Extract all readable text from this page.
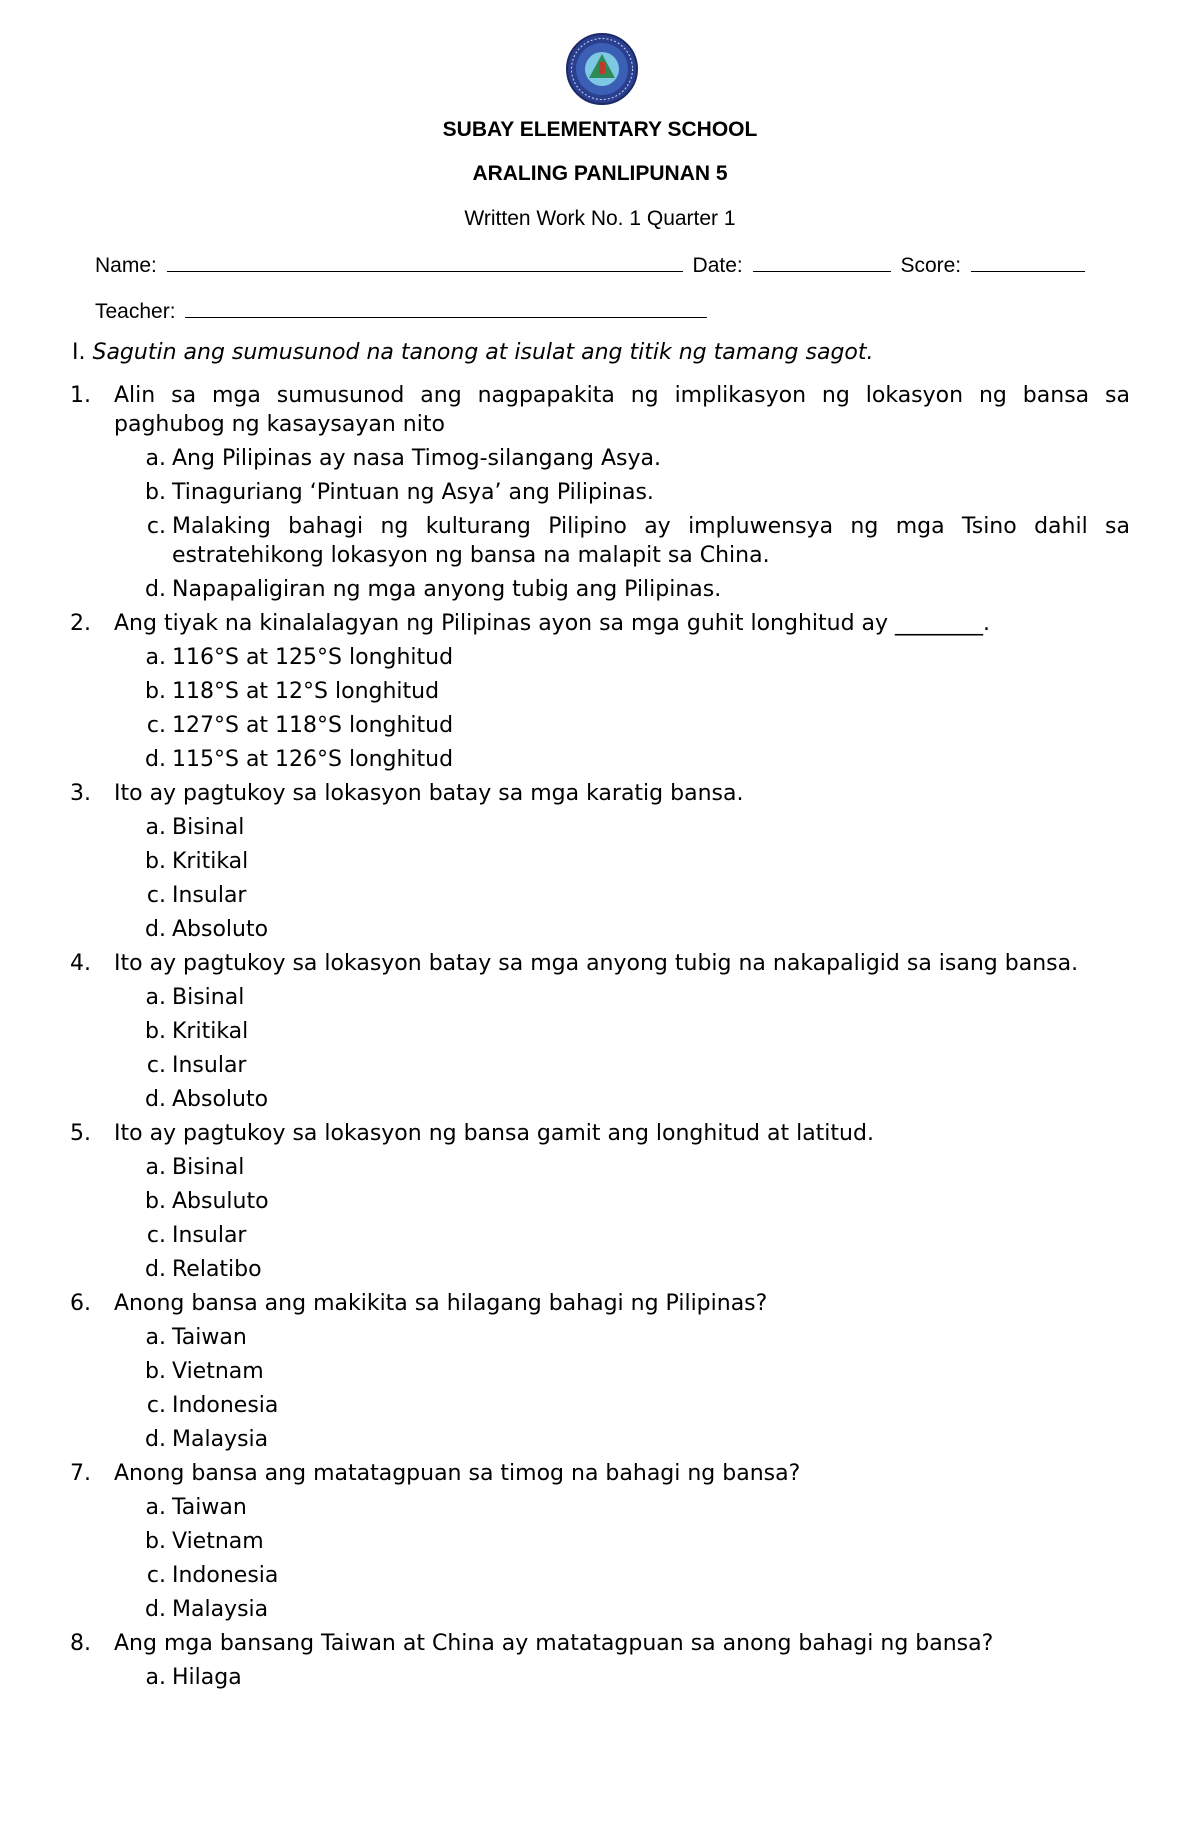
SUBAY ELEMENTARY SCHOOL
ARALING PANLIPUNAN 5
Written Work No. 1 Quarter 1
Name:	Date:	Score:
Teacher:
I. Sagutin ang sumusunod na tanong at isulat ang titik ng tamang sagot.
1.	Alin sa mga sumusunod ang nagpapakita ng implikasyon ng lokasyon ng bansa sa paghubog ng kasaysayan nito
a. Ang Pilipinas ay nasa Timog-silangang Asya.
b. Tinaguriang ‘Pintuan ng Asya’ ang Pilipinas.
c. Malaking bahagi ng kulturang Pilipino ay impluwensya ng mga Tsino dahil sa estratehikong lokasyon ng bansa na malapit sa China.
d. Napapaligiran ng mga anyong tubig ang Pilipinas.
2.	Ang tiyak na kinalalagyan ng Pilipinas ayon sa mga guhit longhitud ay ________.
a. 116°S at 125°S longhitud
b. 118°S at 12°S longhitud
c. 127°S at 118°S longhitud
d. 115°S at 126°S longhitud
3.	Ito ay pagtukoy sa lokasyon batay sa mga karatig bansa.
a. Bisinal
b. Kritikal
c. Insular
d. Absoluto
4.	Ito ay pagtukoy sa lokasyon batay sa mga anyong tubig na nakapaligid sa isang bansa.
a. Bisinal
b. Kritikal
c. Insular
d. Absoluto
5.	Ito ay pagtukoy sa lokasyon ng bansa gamit ang longhitud at latitud.
a. Bisinal
b. Absuluto
c. Insular
d. Relatibo
6.	Anong bansa ang makikita sa hilagang bahagi ng Pilipinas?
a. Taiwan
b. Vietnam
c. Indonesia
d. Malaysia
7.	Anong bansa ang matatagpuan sa timog na bahagi ng bansa?
a. Taiwan
b. Vietnam
c. Indonesia
d. Malaysia
8.	Ang mga bansang Taiwan at China ay matatagpuan sa anong bahagi ng bansa?
a. Hilaga
